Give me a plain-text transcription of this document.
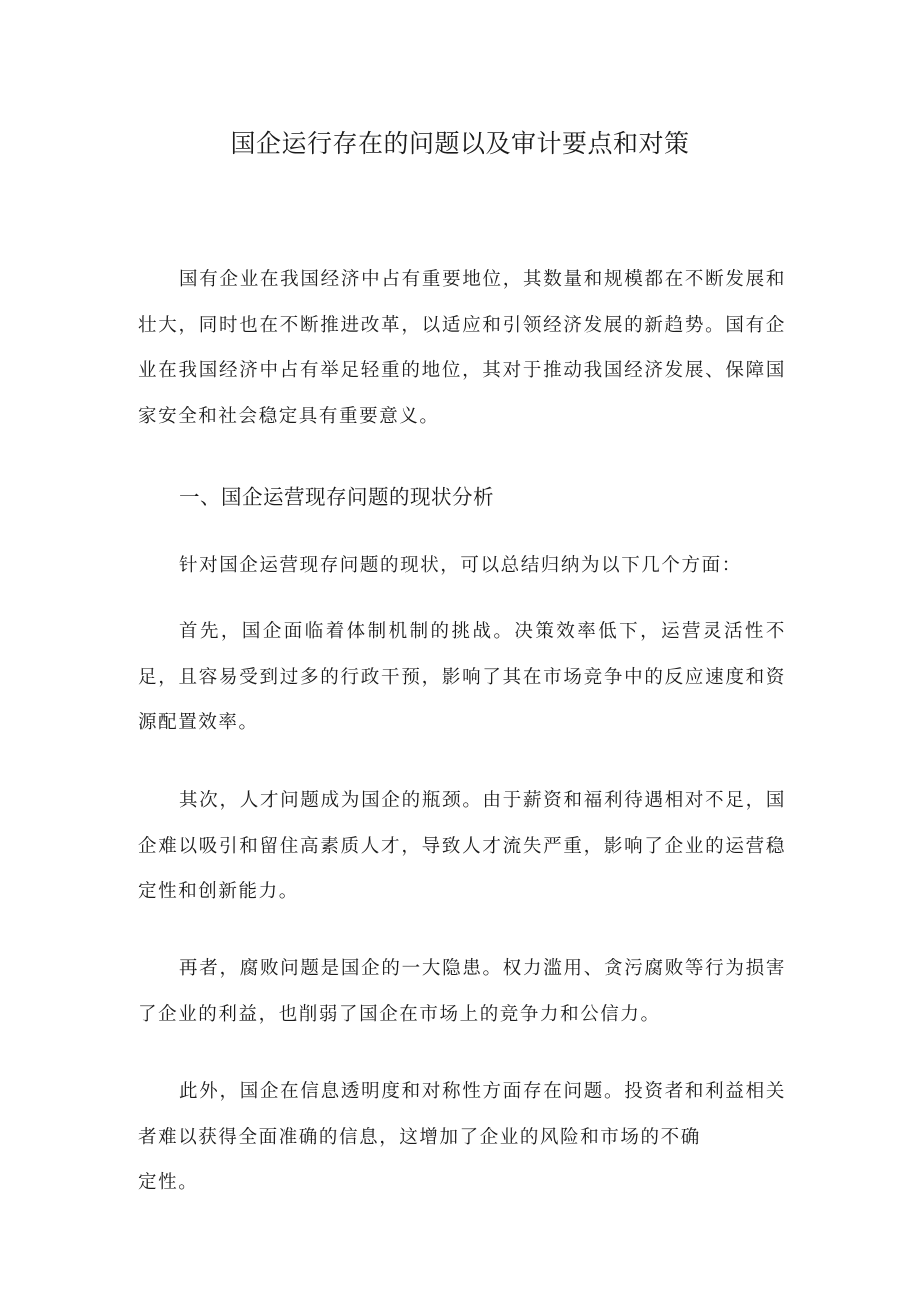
国企运行存在的问题以及审计要点和对策

国有企业在我国经济中占有重要地位，其数量和规模都在不断发展和壮大，同时也在不断推进改革，以适应和引领经济发展的新趋势。国有企业在我国经济中占有举足轻重的地位，其对于推动我国经济发展、保障国家安全和社会稳定具有重要意义。

一、国企运营现存问题的现状分析

针对国企运营现存问题的现状，可以总结归纳为以下几个方面：

首先，国企面临着体制机制的挑战。决策效率低下，运营灵活性不足，且容易受到过多的行政干预，影响了其在市场竞争中的反应速度和资源配置效率。

其次，人才问题成为国企的瓶颈。由于薪资和福利待遇相对不足，国企难以吸引和留住高素质人才，导致人才流失严重，影响了企业的运营稳定性和创新能力。

再者，腐败问题是国企的一大隐患。权力滥用、贪污腐败等行为损害了企业的利益，也削弱了国企在市场上的竞争力和公信力。

此外，国企在信息透明度和对称性方面存在问题。投资者和利益相关者难以获得全面准确的信息，这增加了企业的风险和市场的不确
定性。
